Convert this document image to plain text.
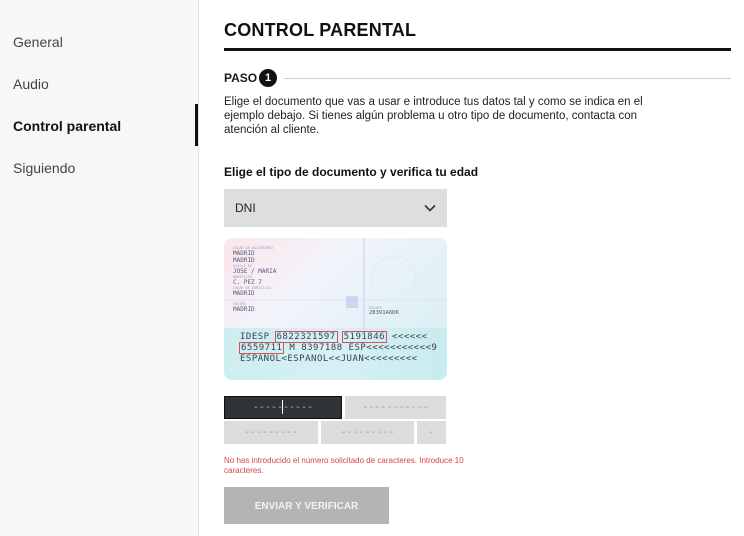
General
Audio
Control parental
Siguiendo
CONTROL PARENTAL
PASO 1

Elige el documento que vas a usar e introduce tus datos tal y como se indica en el ejemplo debajo. Si tienes algún problema u otro tipo de documento, contacta con atención al cliente.

Elige el tipo de documento y verifica tu edad
DNI
LUGAR DE NACIMIENTO
MADRID
MADRID
HIJO/A DE
JOSE / MARIA
DOMICILIO
C. PEZ 7
LUGAR DE DOMICILIO
MADRID
EQUIPO
MADRID	EQUIPO
28391A6DK
IDESP 6822321597 5191846 <<<<<<
6559711 M 8397188 ESP<<<<<<<<<<<9
ESPANOL<ESPANOL<<JUAN<<<<<<<<<
----------
-----------
---------
---------
-
No has introducido el número solicitado de caracteres. Introduce 10 caracteres.
ENVIAR Y VERIFICAR
